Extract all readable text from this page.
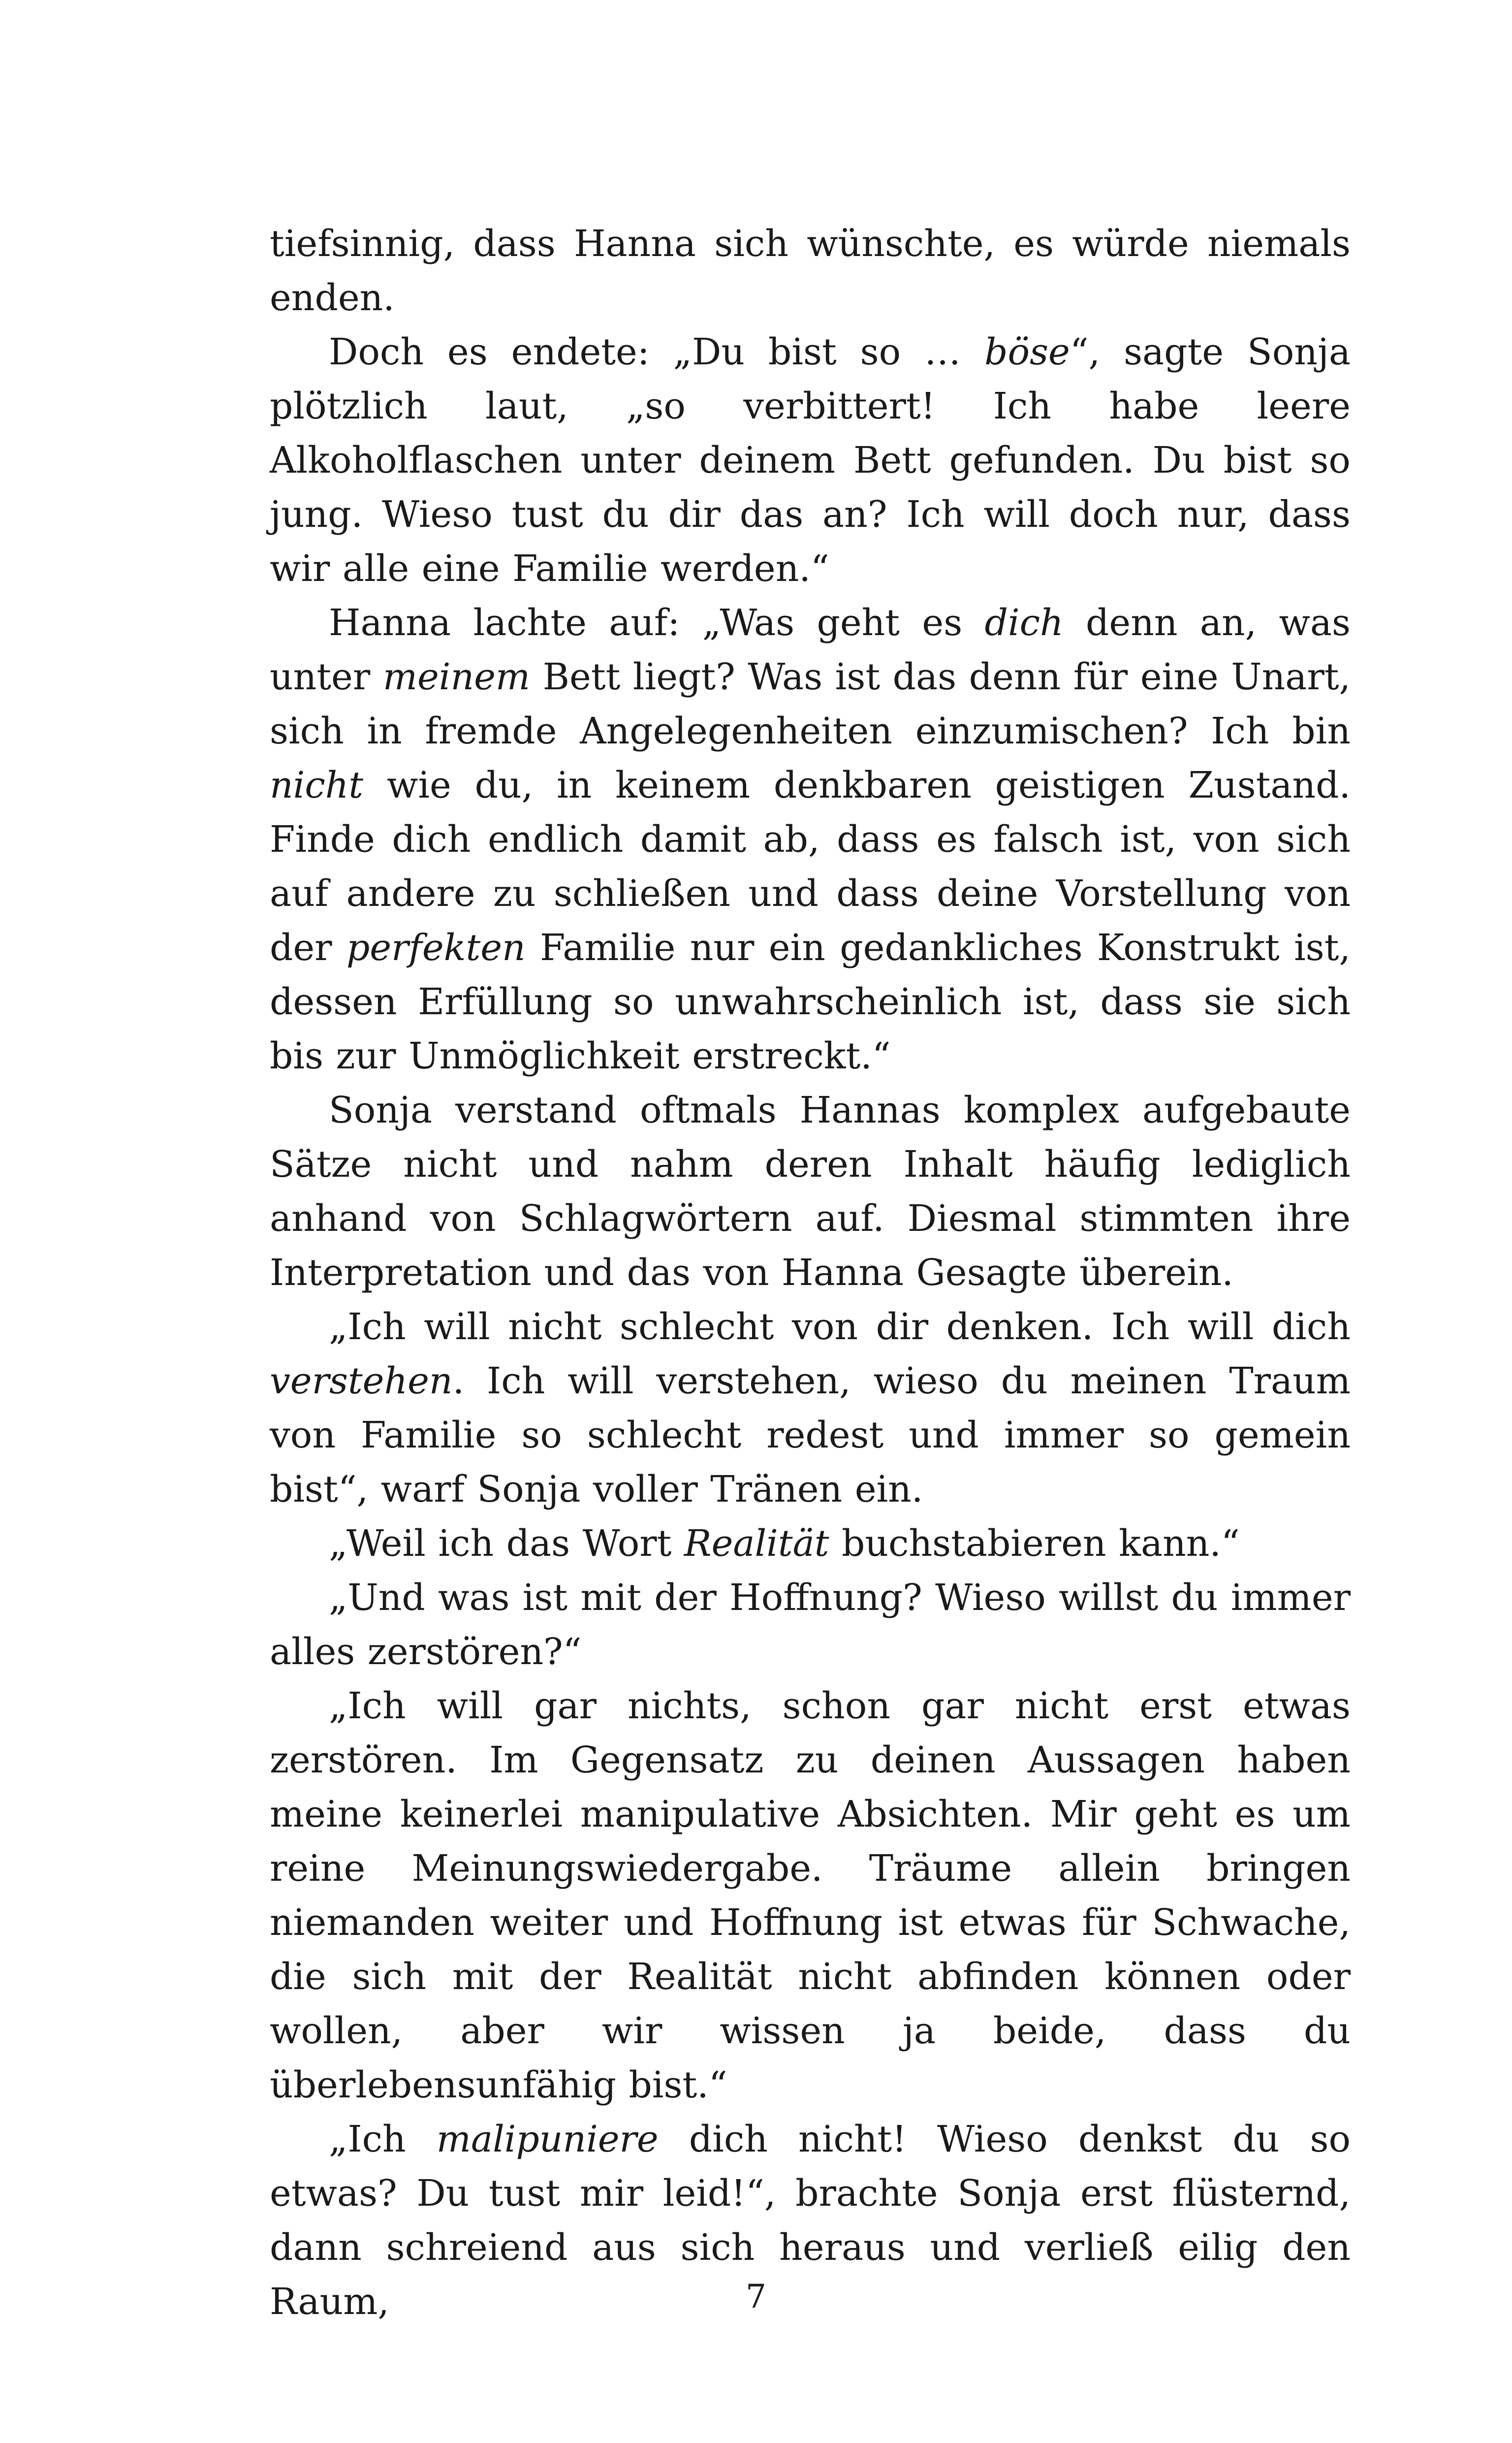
tiefsinnig, dass Hanna sich wünschte, es würde niemals enden.

Doch es endete: „Du bist so … böse“, sagte Sonja plötzlich laut, „so verbittert! Ich habe leere Alkoholflaschen unter deinem Bett gefunden. Du bist so jung. Wieso tust du dir das an? Ich will doch nur, dass wir alle eine Familie werden.“

Hanna lachte auf: „Was geht es dich denn an, was unter meinem Bett liegt? Was ist das denn für eine Unart, sich in fremde Angelegenheiten einzumischen? Ich bin nicht wie du, in keinem denkbaren geistigen Zustand. Finde dich endlich damit ab, dass es falsch ist, von sich auf andere zu schließen und dass deine Vorstellung von der perfekten Familie nur ein gedankliches Konstrukt ist, dessen Erfüllung so unwahrscheinlich ist, dass sie sich bis zur Unmöglichkeit erstreckt.“

Sonja verstand oftmals Hannas komplex aufgebaute Sätze nicht und nahm deren Inhalt häufig lediglich anhand von Schlagwörtern auf. Diesmal stimmten ihre Interpretation und das von Hanna Gesagte überein.

„Ich will nicht schlecht von dir denken. Ich will dich verstehen. Ich will verstehen, wieso du meinen Traum von Familie so schlecht redest und immer so gemein bist“, warf Sonja voller Tränen ein.

„Weil ich das Wort Realität buchstabieren kann.“

„Und was ist mit der Hoffnung? Wieso willst du immer alles zerstören?“

„Ich will gar nichts, schon gar nicht erst etwas zerstören. Im Gegensatz zu deinen Aussagen haben meine keinerlei manipulative Absichten. Mir geht es um reine Meinungswiedergabe. Träume allein bringen niemanden weiter und Hoffnung ist etwas für Schwache, die sich mit der Realität nicht abfinden können oder wollen, aber wir wissen ja beide, dass du überlebensunfähig bist.“

„Ich malipuniere dich nicht! Wieso denkst du so etwas? Du tust mir leid!“, brachte Sonja erst flüsternd, dann schreiend aus sich heraus und verließ eilig den Raum,	7
